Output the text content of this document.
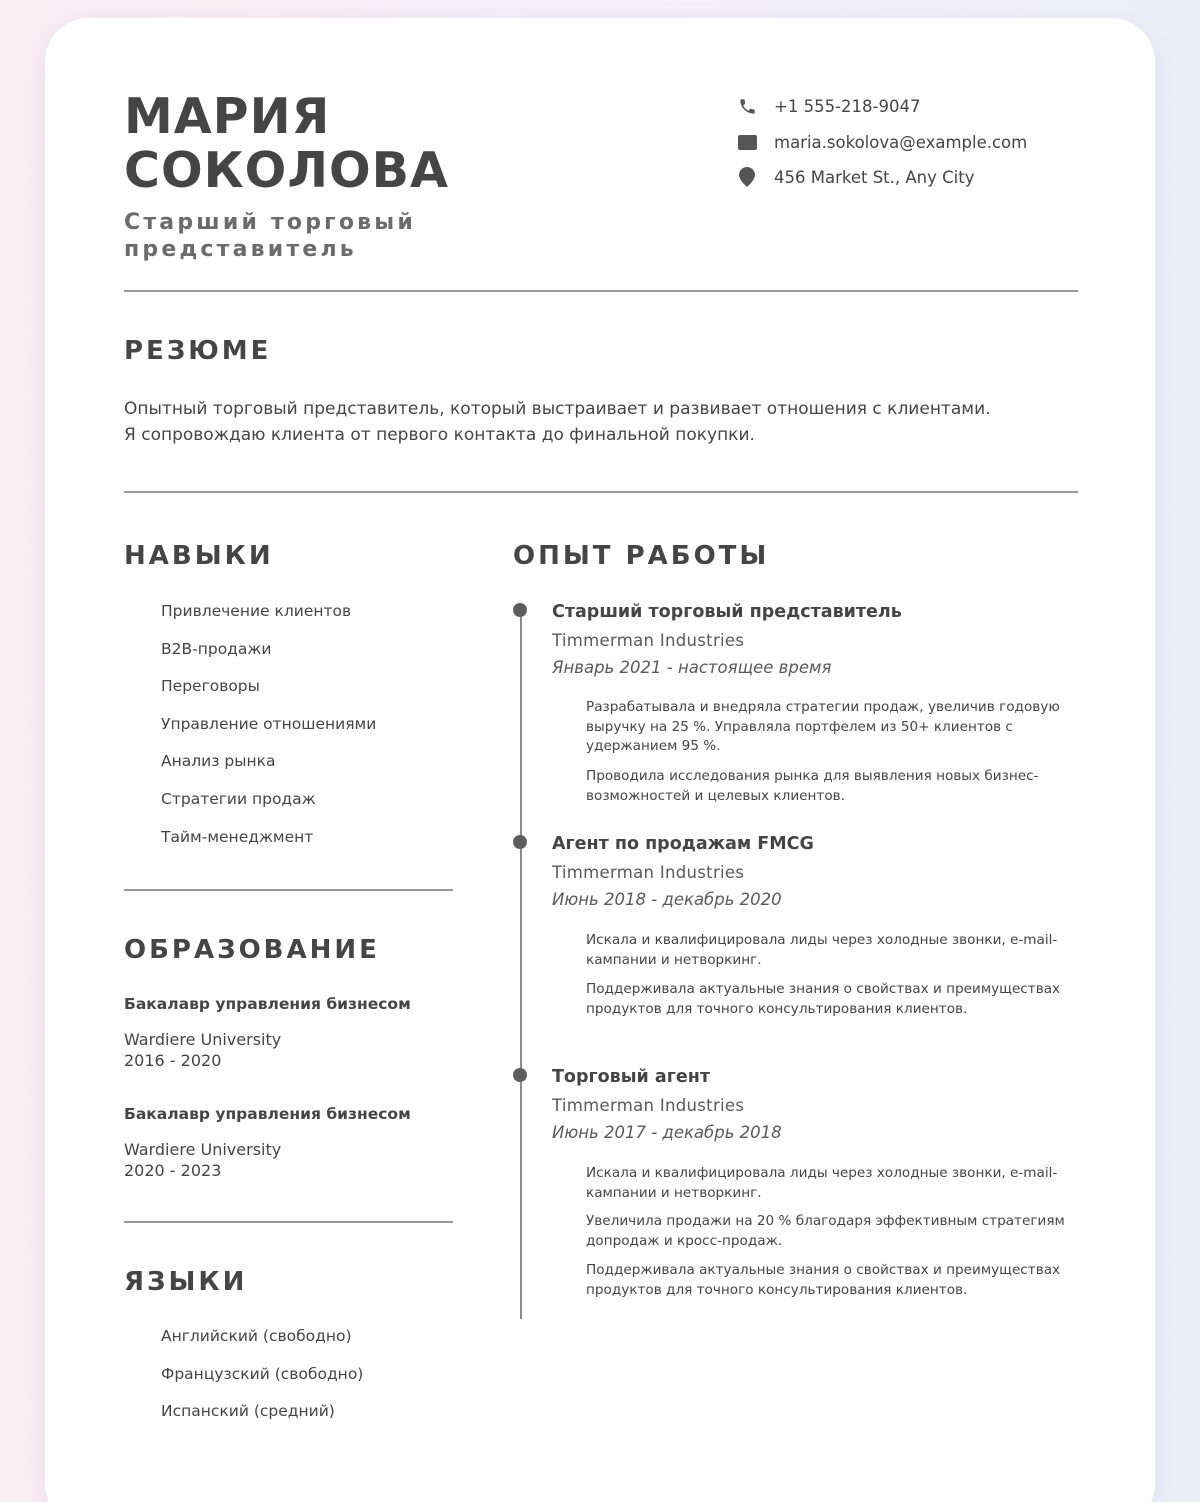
МАРИЯ
СОКОЛОВА
Старший торговый
представитель
+1 555-218-9047
maria.sokolova@example.com
456 Market St., Any City
РЕЗЮМЕ
Опытный торговый представитель, который выстраивает и развивает отношения с клиентами. Я сопровождаю клиента от первого контакта до финальной покупки.
НАВЫКИ
Привлечение клиентов
B2B-продажи
Переговоры
Управление отношениями
Анализ рынка
Стратегии продаж
Тайм-менеджмент
ОБРАЗОВАНИЕ
Бакалавр управления бизнесом
Wardiere University
2016 - 2020
Бакалавр управления бизнесом
Wardiere University
2020 - 2023
ЯЗЫКИ
Английский (свободно)
Французский (свободно)
Испанский (средний)
ОПЫТ РАБОТЫ
Старший торговый представитель
Timmerman Industries
Январь 2021 - настоящее время
Разрабатывала и внедряла стратегии продаж, увеличив годовую выручку на 25 %. Управляла портфелем из 50+ клиентов с удержанием 95 %.
Проводила исследования рынка для выявления новых бизнес-возможностей и целевых клиентов.
Агент по продажам FMCG
Timmerman Industries
Июнь 2018 - декабрь 2020
Искала и квалифицировала лиды через холодные звонки, e-mail-кампании и нетворкинг.
Поддерживала актуальные знания о свойствах и преимуществах продуктов для точного консультирования клиентов.
Торговый агент
Timmerman Industries
Июнь 2017 - декабрь 2018
Искала и квалифицировала лиды через холодные звонки, e-mail-кампании и нетворкинг.
Увеличила продажи на 20 % благодаря эффективным стратегиям допродаж и кросс-продаж.
Поддерживала актуальные знания о свойствах и преимуществах продуктов для точного консультирования клиентов.
